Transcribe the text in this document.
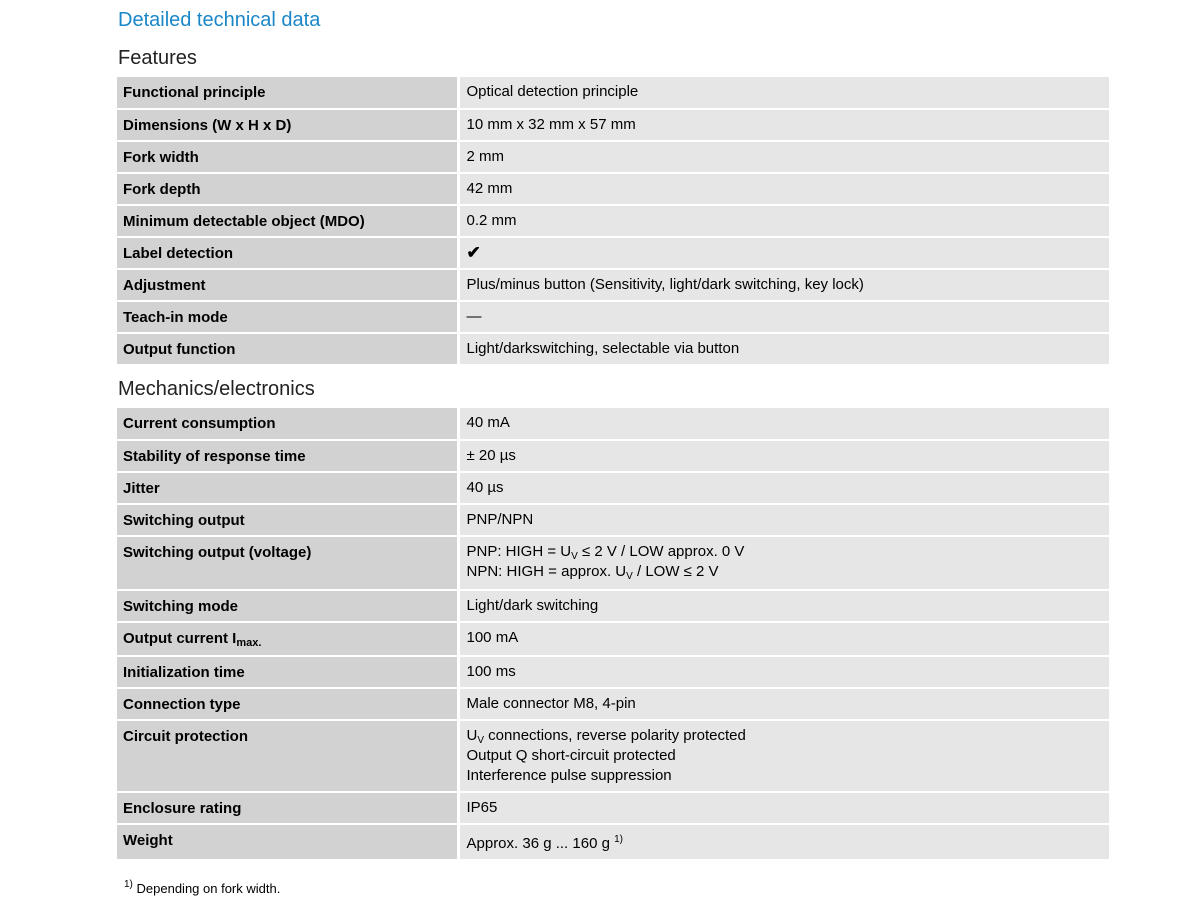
Detailed technical data
Features
Functional principle	Optical detection principle
Dimensions (W x H x D)	10 mm x 32 mm x 57 mm
Fork width	2 mm
Fork depth	42 mm
Minimum detectable object (MDO)	0.2 mm
Label detection	✔
Adjustment	Plus/minus button (Sensitivity, light/dark switching, key lock)
Teach-in mode	—
Output function	Light/darkswitching, selectable via button
Mechanics/electronics
Current consumption	40 mA
Stability of response time	± 20 µs
Jitter	40 µs
Switching output	PNP/NPN
Switching output (voltage)	PNP: HIGH = $U_V \le 2$ V / LOW approx. 0 V
NPN: HIGH = approx. $U_V$ / LOW ≤ 2 V

Switching mode	Light/dark switching
Output current $I_{max.}$	100 mA
Initialization time	100 ms
Connection type	Male connector M8, 4-pin
Circuit protection	$U_V$ connections, reverse polarity protected
Output Q short-circuit protected
Interference pulse suppression

Enclosure rating	IP65
Weight	Approx. 36 g ... 160 g $^{1)}$
$^{1)}$ Depending on fork width.
